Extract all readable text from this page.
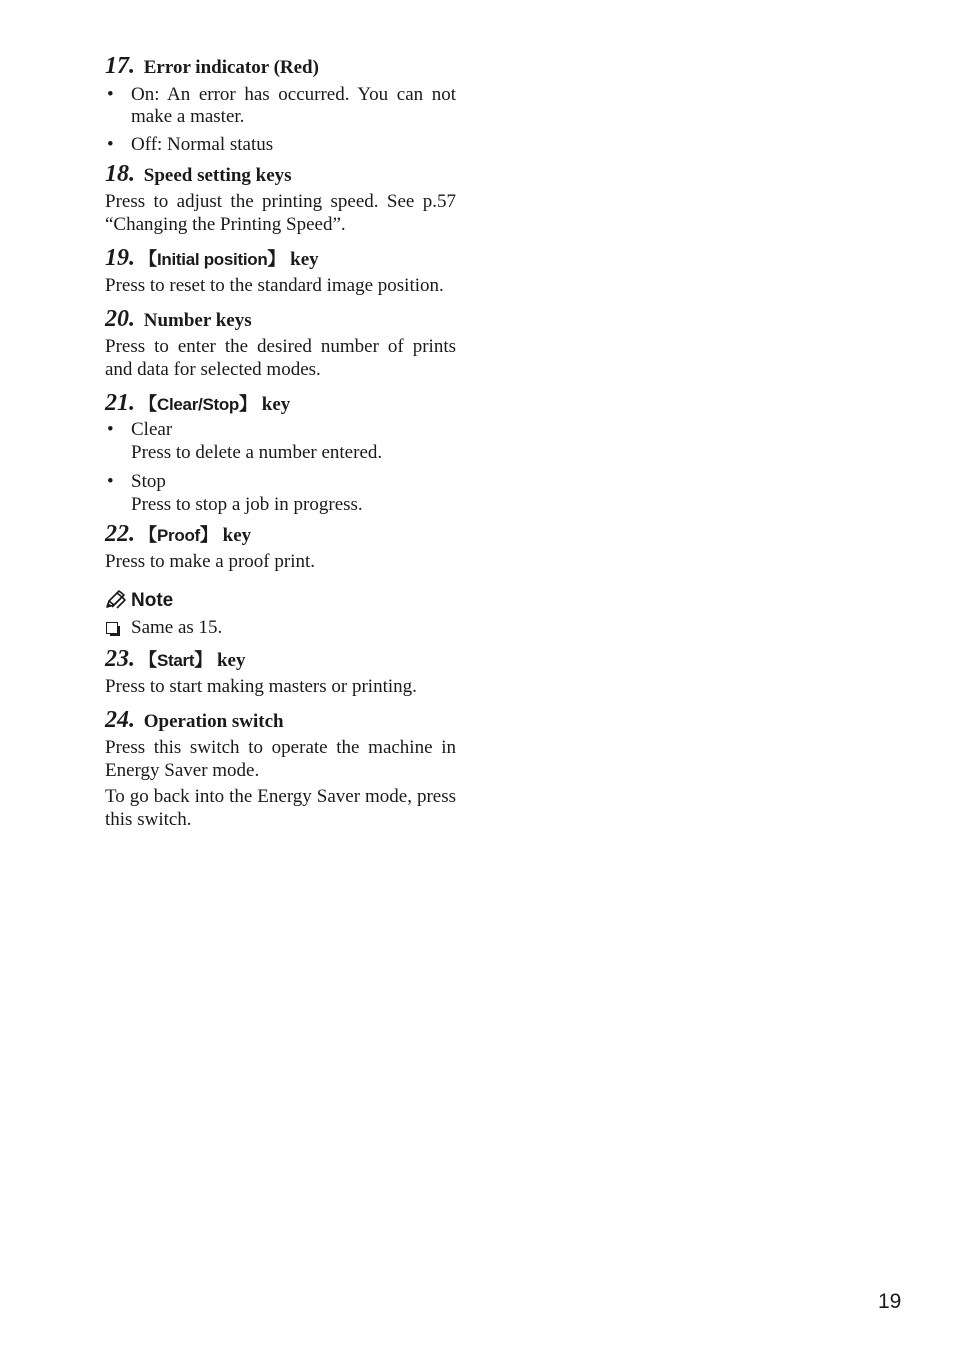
17. Error indicator (Red)
• On: An error has occurred. You can not make a master.
• Off: Normal status
18. Speed setting keys

Press to adjust the printing speed. See p.57 “Changing the Printing Speed”.

19. 【Initial position】 key

Press to reset to the standard image position.

20. Number keys

Press to enter the desired number of prints and data for selected modes.

21. 【Clear/Stop】 key
• Clear
Press to delete a number entered.
• Stop
Press to stop a job in progress.
22. 【Proof】 key

Press to make a proof print.

Note
Same as 15.
23. 【Start】 key

Press to start making masters or printing.

24. Operation switch

Press this switch to operate the machine in Energy Saver mode.

To go back into the Energy Saver mode, press this switch.

19
